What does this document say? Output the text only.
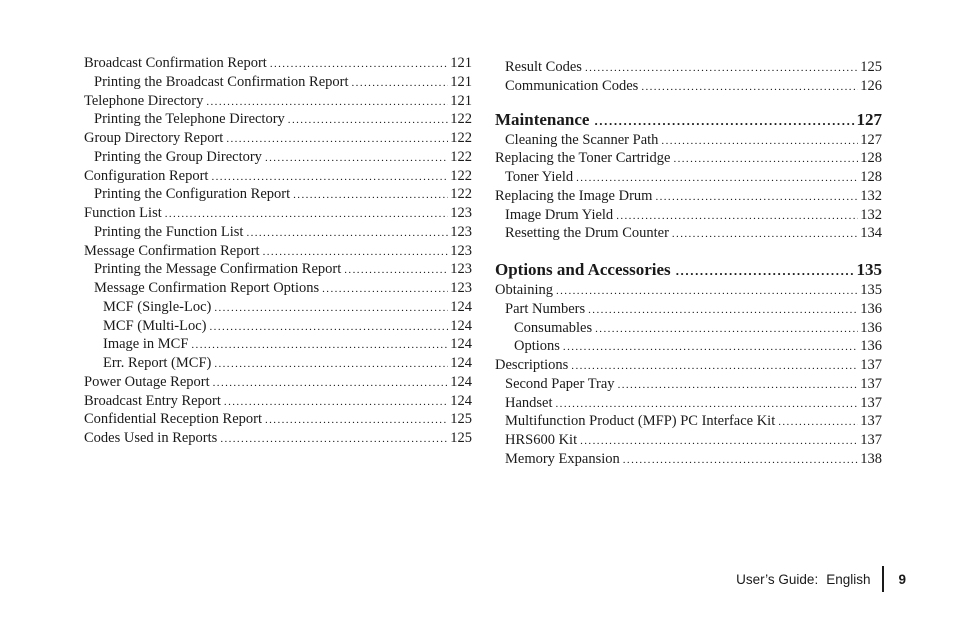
Broadcast Confirmation Report .....	121
Printing the Broadcast Confirmation Report .....	121
Telephone Directory .....	121
Printing the Telephone Directory .....	122
Group Directory Report .....	122
Printing the Group Directory .....	122
Configuration Report .....	122
Printing the Configuration Report .....	122
Function List .....	123
Printing the Function List .....	123
Message Confirmation Report .....	123
Printing the Message Confirmation Report .....	123
Message Confirmation Report Options .....	123
MCF (Single-Loc) .....	124
MCF (Multi-Loc) .....	124
Image in MCF .....	124
Err. Report (MCF) .....	124
Power Outage Report .....	124
Broadcast Entry Report .....	124
Confidential Reception Report .....	125
Codes Used in Reports .....	125
Result Codes .....	125
Communication Codes .....	126
Maintenance .....	127
Cleaning the Scanner Path .....	127
Replacing the Toner Cartridge .....	128
Toner Yield .....	128
Replacing the Image Drum .....	132
Image Drum Yield .....	132
Resetting the Drum Counter .....	134
Options and Accessories .....	135
Obtaining .....	135
Part Numbers .....	136
Consumables .....	136
Options .....	136
Descriptions .....	137
Second Paper Tray .....	137
Handset .....	137
Multifunction Product (MFP) PC Interface Kit .....	137
HRS600 Kit .....	137
Memory Expansion .....	138
User’s Guide: English 9
